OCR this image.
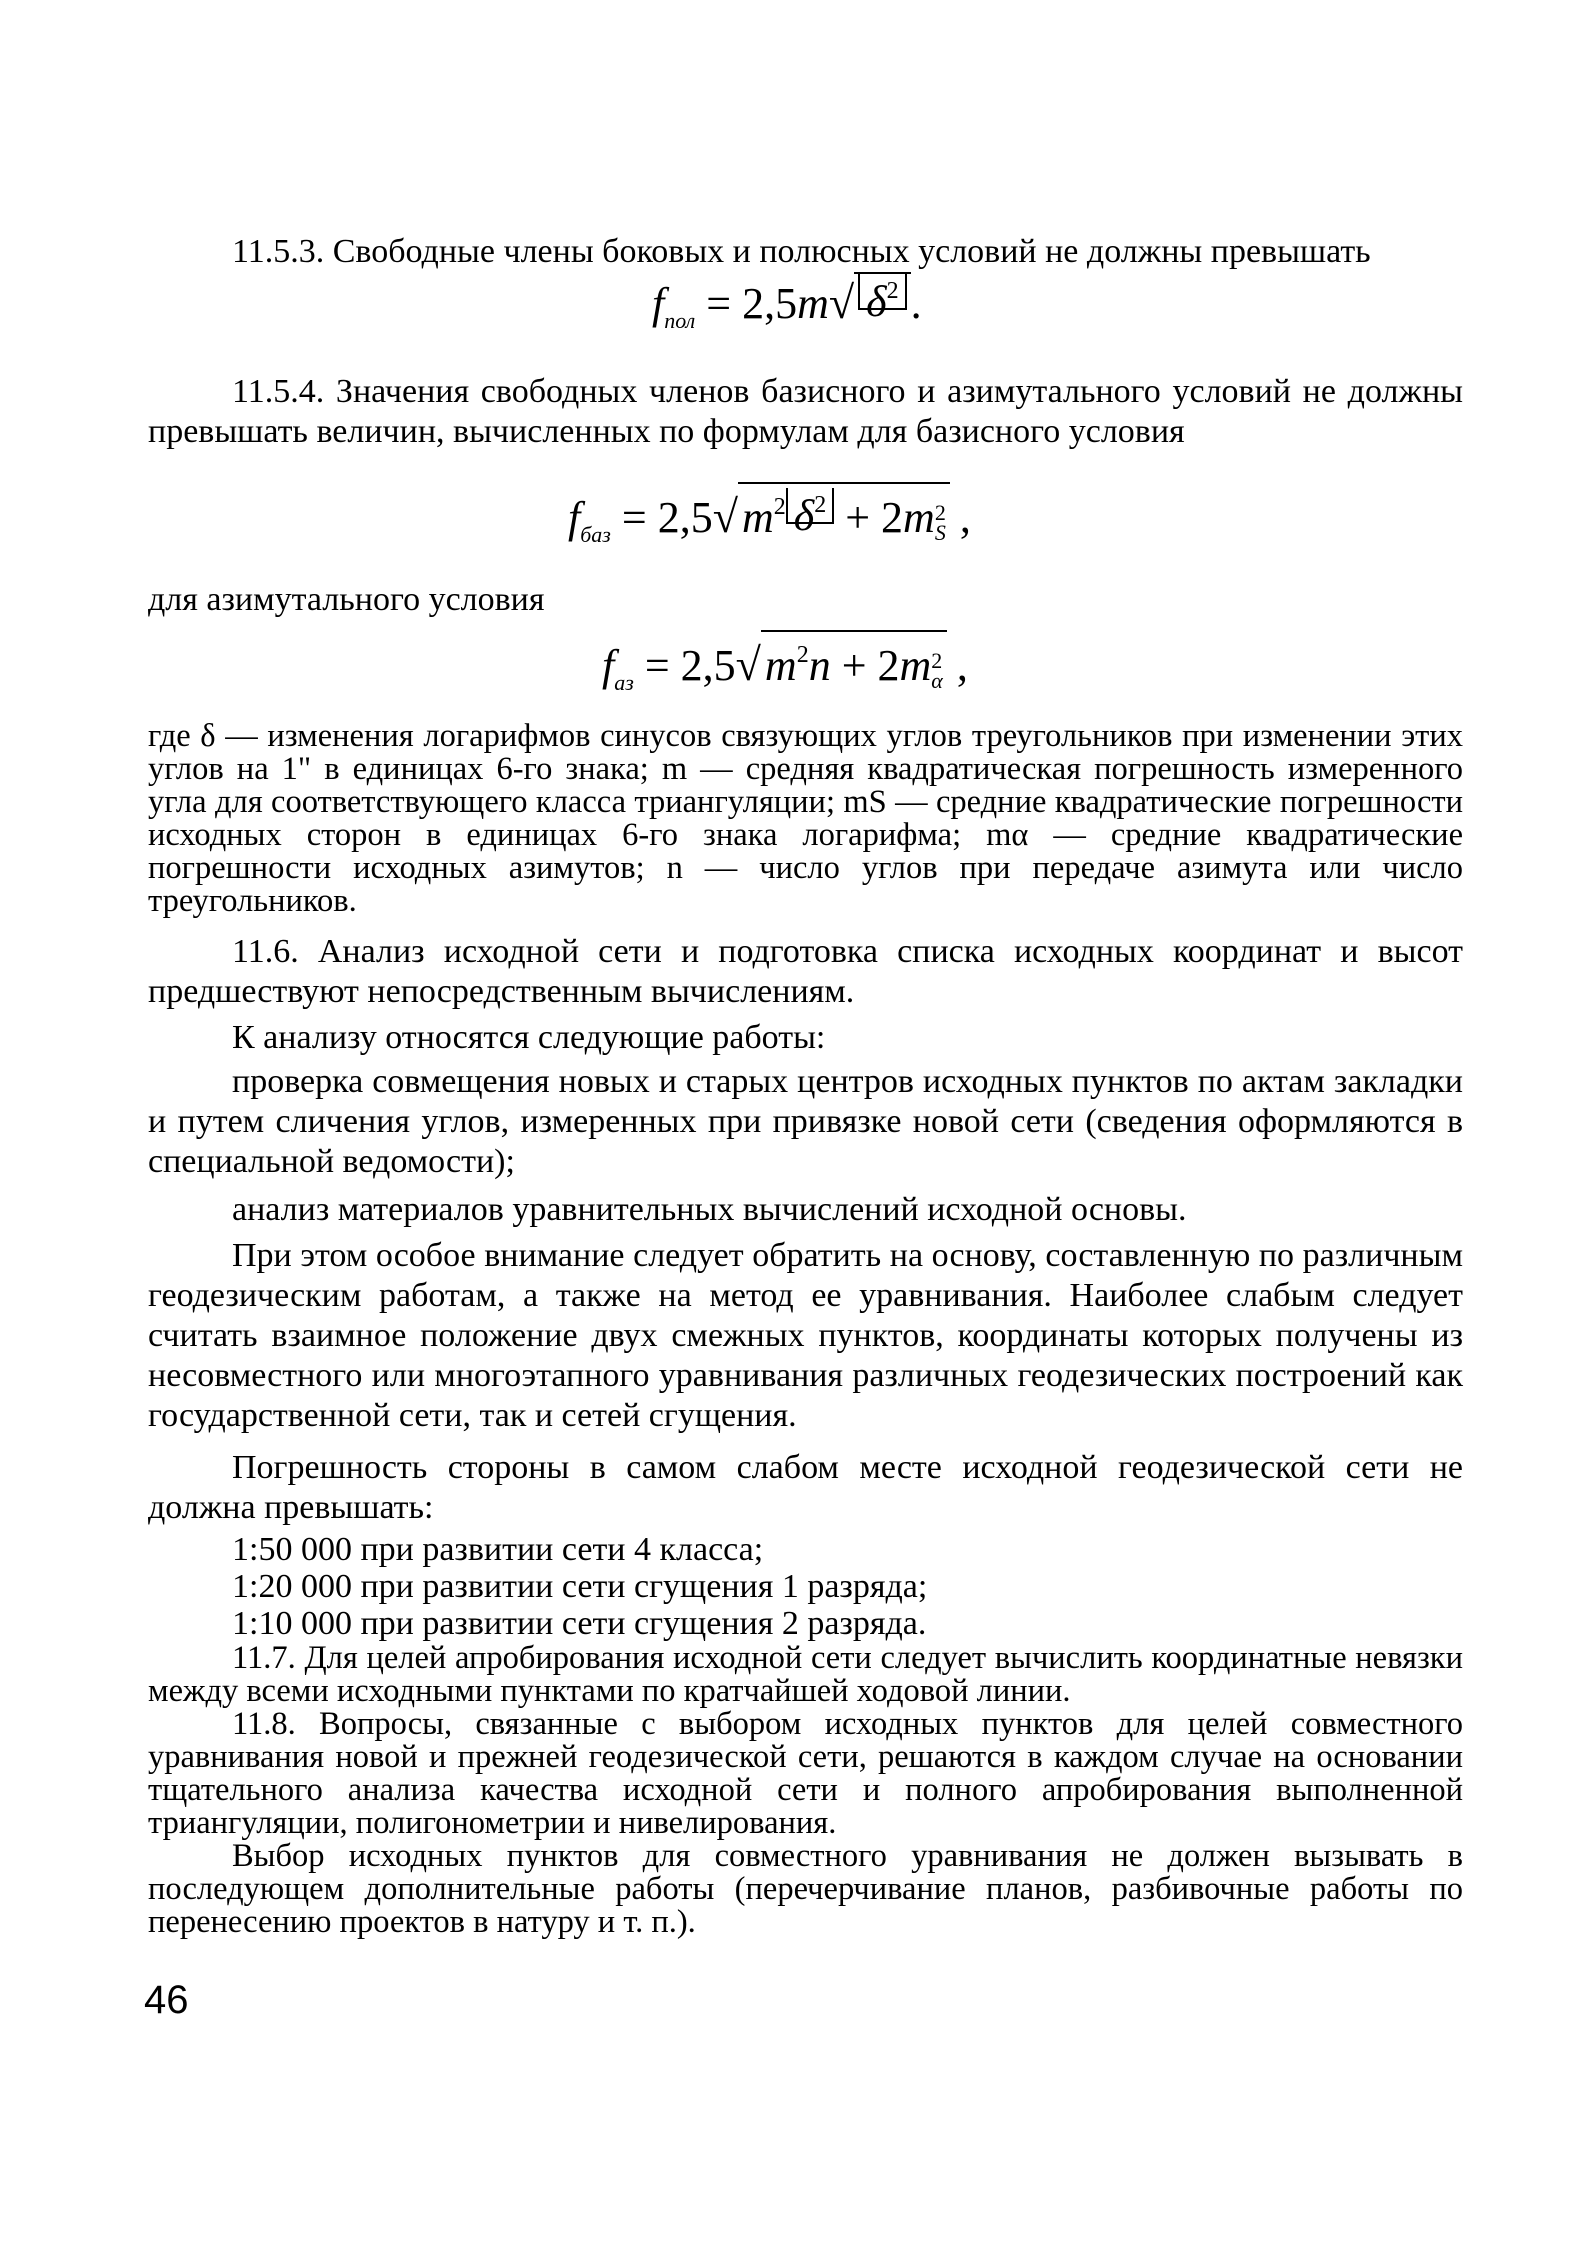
11.5.3. Свободные члены боковых и полюсных условий не должны превышать

$f_{пол} = 2,5m√$ $\delta^2$ .

11.5.4. Значения свободных членов базисного и азимутального условий не должны превышать величин, вычисленных по формулам для базисного условия

$f_{баз} = 2,5√m^2$ $\delta^2 + 2m2$
S ,

для азимутального условия

$f_{аз} = 2,5√m^2n + 2m2$
α ,

где δ — изменения логарифмов синусов связующих углов треугольников при изменении этих углов на 1" в единицах 6-го знака; m — средняя квадратическая погрешность измеренного угла для соответствующего класса триангуляции; mS — средние квадратические погрешности исходных сторон в единицах 6-го знака логарифма; mα — средние квадратические погрешности исходных азимутов; n — число углов при передаче азимута или число треугольников.

11.6. Анализ исходной сети и подготовка списка исходных координат и высот предшествуют непосредственным вычислениям.

К анализу относятся следующие работы:

проверка совмещения новых и старых центров исходных пунктов по актам закладки и путем сличения углов, измеренных при привязке новой сети (сведения оформляются в специальной ведомости);

анализ материалов уравнительных вычислений исходной основы.

При этом особое внимание следует обратить на основу, составленную по различным геодезическим работам, а также на метод ее уравнивания. Наиболее слабым следует считать взаимное положение двух смежных пунктов, координаты которых получены из несовместного или многоэтапного уравнивания различных геодезических построений как государственной сети, так и сетей сгущения.

Погрешность стороны в самом слабом месте исходной геодезической сети не должна превышать:

1:50 000 при развитии сети 4 класса;

1:20 000 при развитии сети сгущения 1 разряда;

1:10 000 при развитии сети сгущения 2 разряда.

11.7. Для целей апробирования исходной сети следует вычислить координатные невязки между всеми исходными пунктами по кратчайшей ходовой линии.

11.8. Вопросы, связанные с выбором исходных пунктов для целей совместного уравнивания новой и прежней геодезической сети, решаются в каждом случае на основании тщательного анализа качества исходной сети и полного апробирования выполненной триангуляции, полигонометрии и нивелирования.

Выбор исходных пунктов для совместного уравнивания не должен вызывать в последующем дополнительные работы (перечерчивание планов, разбивочные работы по перенесению проектов в натуру и т. п.).

46
